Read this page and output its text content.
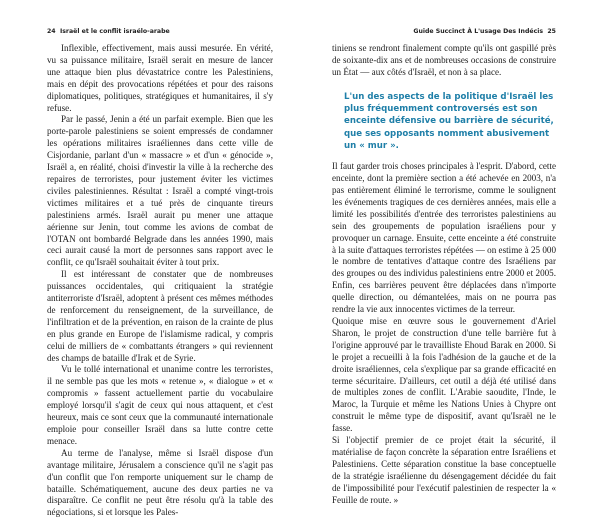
24 Israël et le conflit israélo-arabe

Inflexible, effectivement, mais aussi mesurée. En vérité, vu sa puissance militaire, Israël serait en mesure de lancer une attaque bien plus dévastatrice contre les Palestiniens, mais en dépit des provocations répétées et pour des raisons diplomatiques, politiques, stratégiques et humanitaires, il s'y refuse.

Par le passé, Jenin a été un parfait exemple. Bien que les porte-parole palestiniens se soient empressés de condamner les opérations militaires israéliennes dans cette ville de Cisjordanie, parlant d'un « massacre » et d'un « génocide », Israël a, en réalité, choisi d'investir la ville à la recherche des repaires de terroristes, pour justement éviter les victimes civiles palestiniennes. Résultat : Israël a compté vingt-trois victimes militaires et a tué près de cinquante tireurs palestiniens armés. Israël aurait pu mener une attaque aérienne sur Jenin, tout comme les avions de combat de l'OTAN ont bombardé Belgrade dans les années 1990, mais ceci aurait causé la mort de personnes sans rapport avec le conflit, ce qu'Israël souhaitait éviter à tout prix.

Il est intéressant de constater que de nombreuses puissances occidentales, qui critiquaient la stratégie antiterroriste d'Israël, adoptent à présent ces mêmes méthodes de renforcement du renseignement, de la surveillance, de l'infiltration et de la prévention, en raison de la crainte de plus en plus grande en Europe de l'islamisme radical, y compris celui de milliers de « combattants étrangers » qui reviennent des champs de bataille d'Irak et de Syrie.

Vu le tollé international et unanime contre les terroristes, il ne semble pas que les mots « retenue », « dialogue » et « compromis » fassent actuellement partie du vocabulaire employé lorsqu'il s'agit de ceux qui nous attaquent, et c'est heureux, mais ce sont ceux que la communauté internationale emploie pour conseiller Israël dans sa lutte contre cette menace.

Au terme de l'analyse, même si Israël dispose d'un avantage militaire, Jérusalem a conscience qu'il ne s'agit pas d'un conflit que l'on remporte uniquement sur le champ de bataille. Schématiquement, aucune des deux parties ne va disparaître. Ce conflit ne peut être résolu qu'à la table des négociations, si et lorsque les Pales-

Guide Succinct À L'usage Des Indécis 25

tiniens se rendront finalement compte qu'ils ont gaspillé près de soixante-dix ans et de nombreuses occasions de construire un État — aux côtés d'Israël, et non à sa place.

L'un des aspects de la politique d'Israël les plus fréquemment controversés est son enceinte défensive ou barrière de sécurité, que ses opposants nomment abusivement un « mur ».

Il faut garder trois choses principales à l'esprit. D'abord, cette enceinte, dont la première section a été achevée en 2003, n'a pas entièrement éliminé le terrorisme, comme le soulignent les événements tragiques de ces dernières années, mais elle a limité les possibilités d'entrée des terroristes palestiniens au sein des groupements de population israéliens pour y provoquer un carnage. Ensuite, cette enceinte a été construite à la suite d'attaques terroristes répétées — on estime à 25 000 le nombre de tentatives d'attaque contre des Israéliens par des groupes ou des individus palestiniens entre 2000 et 2005. Enfin, ces barrières peuvent être déplacées dans n'importe quelle direction, ou démantelées, mais on ne pourra pas rendre la vie aux innocentes victimes de la terreur.

Quoique mise en œuvre sous le gouvernement d'Ariel Sharon, le projet de construction d'une telle barrière fut à l'origine approuvé par le travailliste Ehoud Barak en 2000. Si le projet a recueilli à la fois l'adhésion de la gauche et de la droite israéliennes, cela s'explique par sa grande efficacité en terme sécuritaire. D'ailleurs, cet outil a déjà été utilisé dans de multiples zones de conflit. L'Arabie saoudite, l'Inde, le Maroc, la Turquie et même les Nations Unies à Chypre ont construit le même type de dispositif, avant qu'Israël ne le fasse.

Si l'objectif premier de ce projet était la sécurité, il matérialise de façon concrète la séparation entre Israéliens et Palestiniens. Cette séparation constitue la base conceptuelle de la stratégie israélienne du désengagement décidée du fait de l'impossibilité pour l'exécutif palestinien de respecter la « Feuille de route. »
